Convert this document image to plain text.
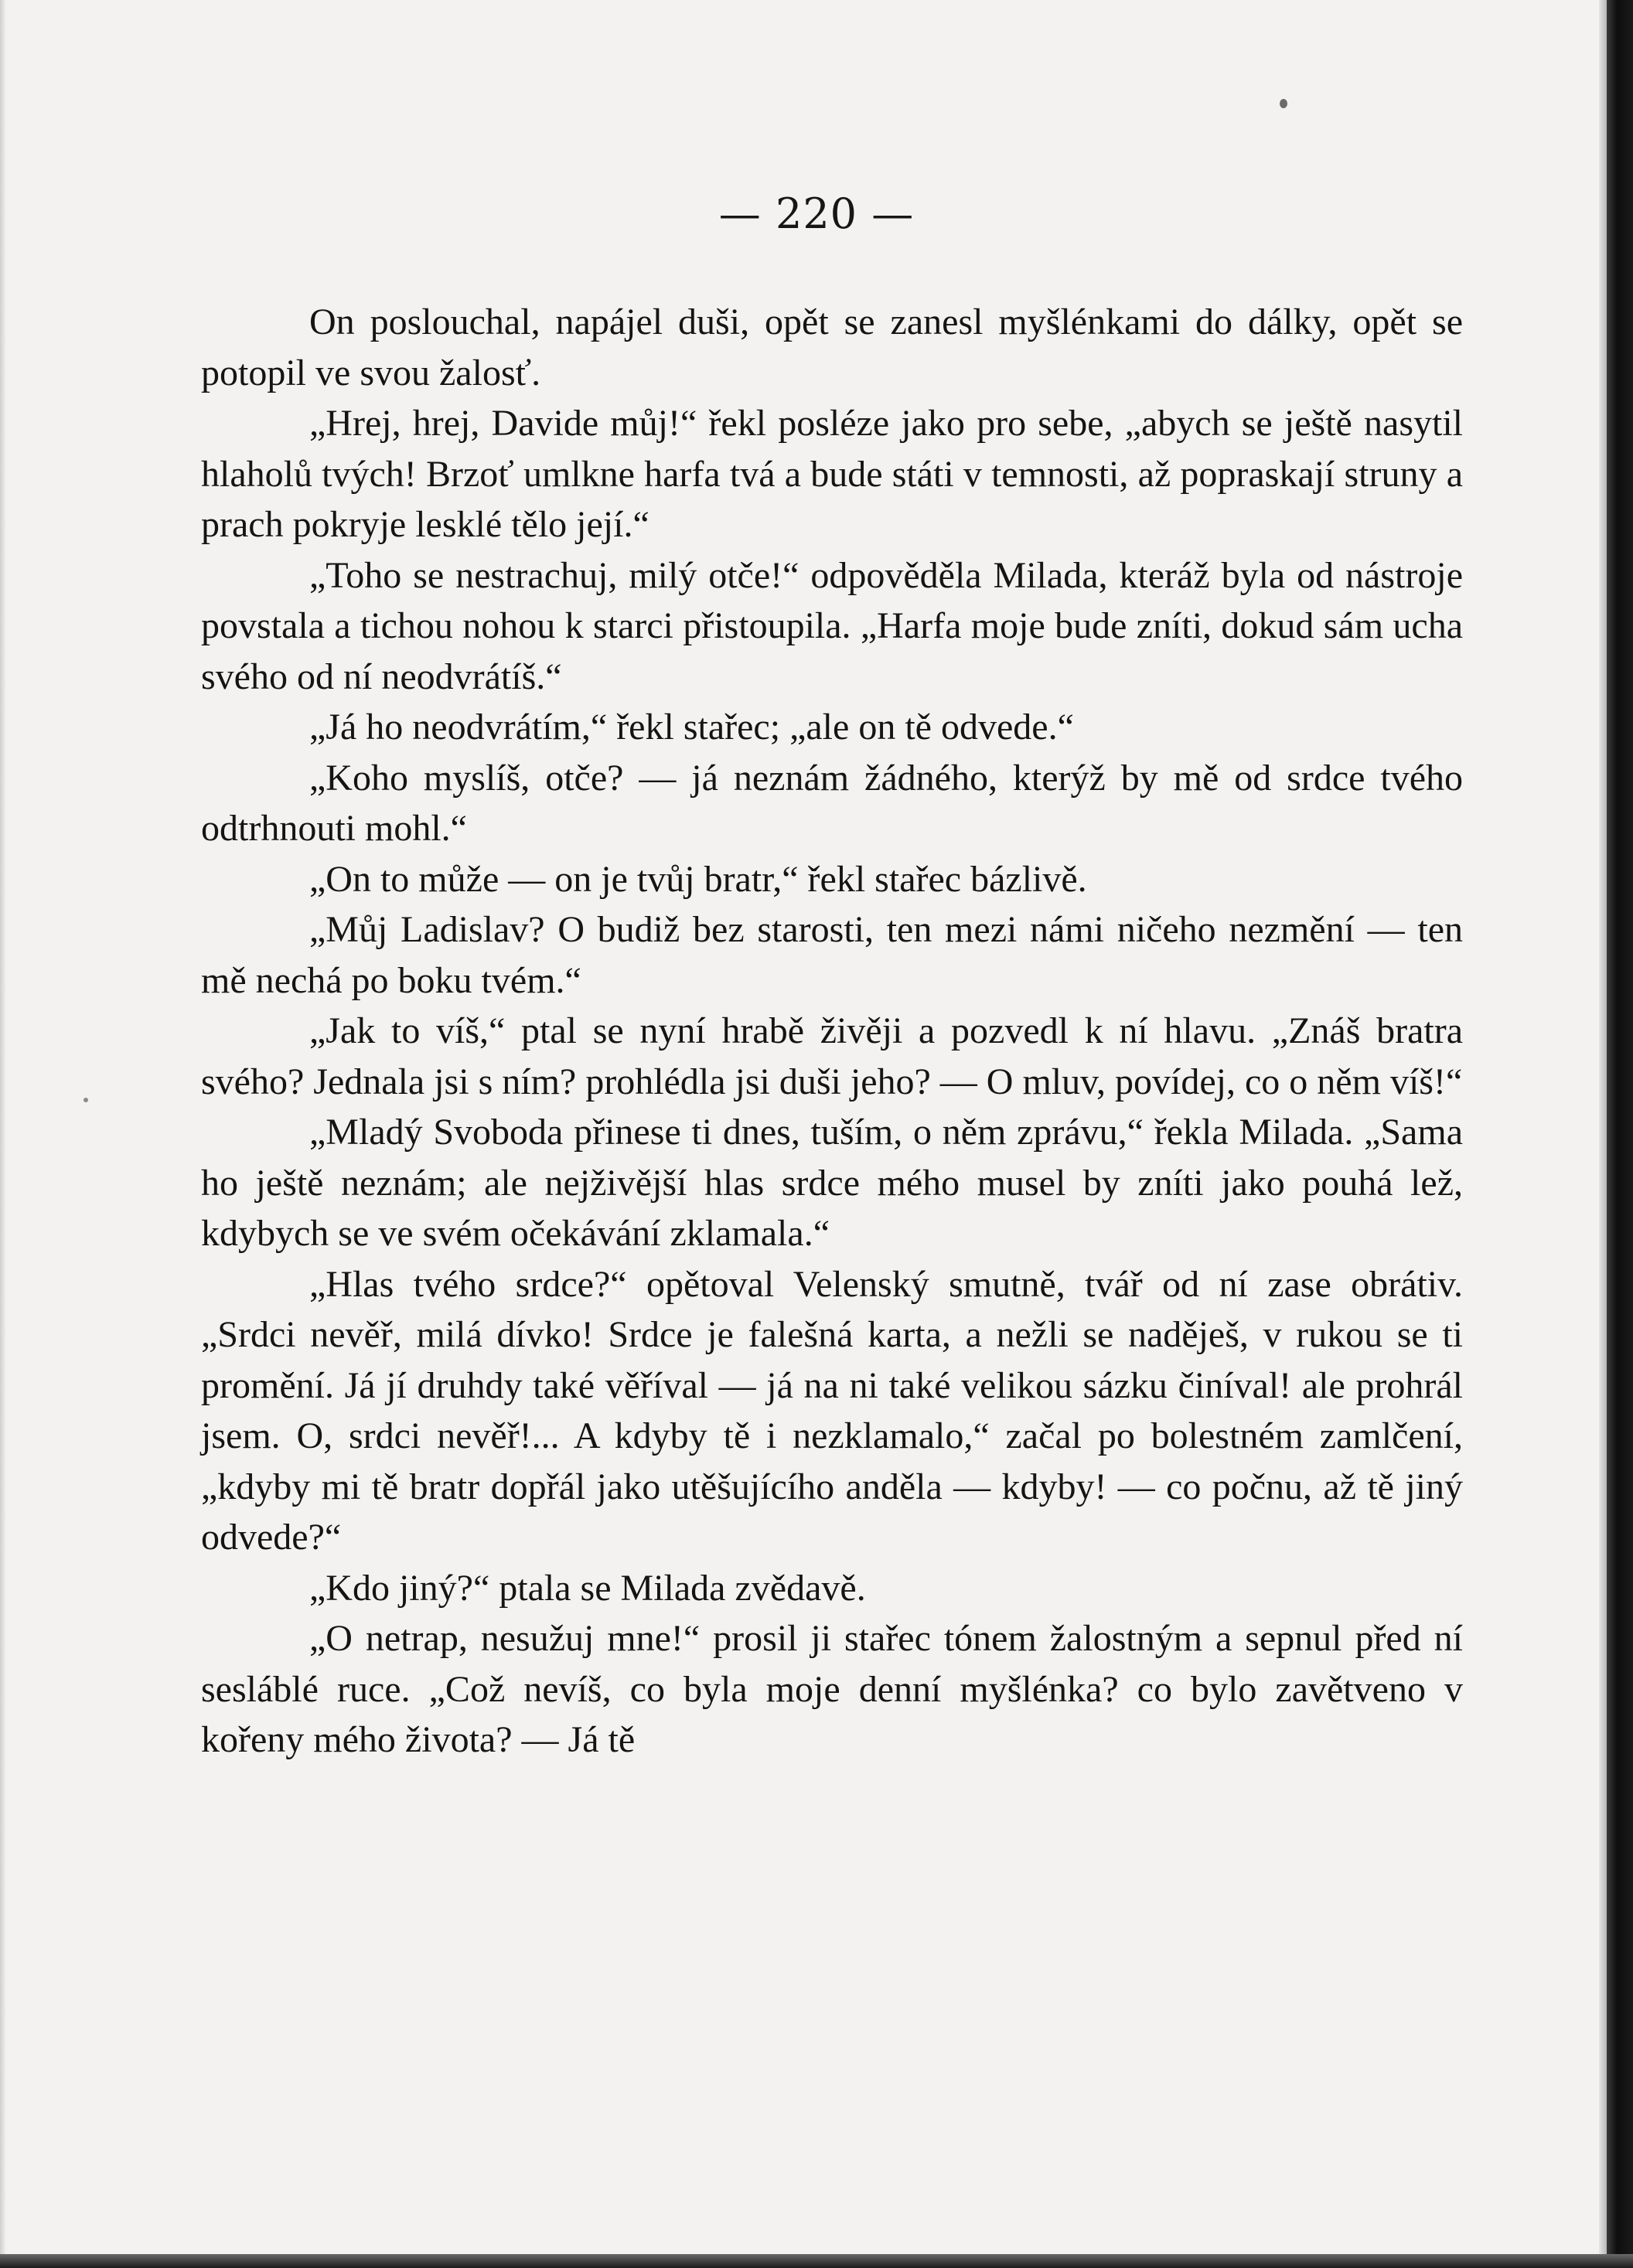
— 220 —

On poslouchal, napájel duši, opět se zanesl myšlénkami do dálky, opět se potopil ve svou žalosť.

„Hrej, hrej, Davide můj!“ řekl posléze jako pro sebe, „abych se ještě nasytil hlaholů tvých! Brzoť umlkne harfa tvá a bude státi v temnosti, až popraskají struny a prach pokryje lesklé tělo její.“

„Toho se nestrachuj, milý otče!“ odpověděla Milada, kteráž byla od nástroje povstala a tichou nohou k starci přistoupila. „Harfa moje bude zníti, dokud sám ucha svého od ní neodvrátíš.“

„Já ho neodvrátím,“ řekl stařec; „ale on tě odvede.“

„Koho myslíš, otče? — já neznám žádného, kterýž by mě od srdce tvého odtrhnouti mohl.“

„On to může — on je tvůj bratr,“ řekl stařec bázlivě.

„Můj Ladislav? O budiž bez starosti, ten mezi námi ničeho nezmění — ten mě nechá po boku tvém.“

„Jak to víš,“ ptal se nyní hrabě živěji a pozvedl k ní hlavu. „Znáš bratra svého? Jednala jsi s ním? prohlédla jsi duši jeho? — O mluv, povídej, co o něm víš!“

„Mladý Svoboda přinese ti dnes, tuším, o něm zprávu,“ řekla Milada. „Sama ho ještě neznám; ale nejživější hlas srdce mého musel by zníti jako pouhá lež, kdybych se ve svém očekávání zklamala.“

„Hlas tvého srdce?“ opětoval Velenský smutně, tvář od ní zase obrátiv. „Srdci nevěř, milá dívko! Srdce je falešná karta, a nežli se naděješ, v rukou se ti promění. Já jí druhdy také věříval — já na ni také velikou sázku činíval! ale prohrál jsem. O, srdci nevěř!... A kdyby tě i nezklamalo,“ začal po bolestném zamlčení, „kdyby mi tě bratr dopřál jako utěšujícího anděla — kdyby! — co počnu, až tě jiný odvede?“

„Kdo jiný?“ ptala se Milada zvědavě.

„O netrap, nesužuj mne!“ prosil ji stařec tónem žalostným a sepnul před ní sesláblé ruce. „Což nevíš, co byla moje denní myšlénka? co bylo zavětveno v kořeny mého života? — Já tě
